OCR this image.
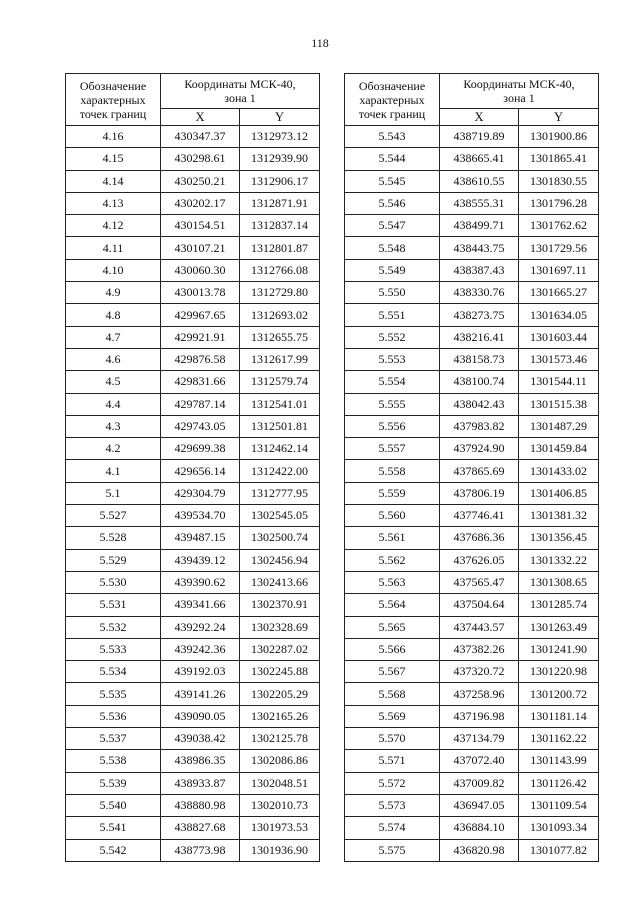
118
Обозначение
характерных
точек границ	Координаты МСК-40,
зона 1	
	X	Y
4.16	430347.37	1312973.12
4.15	430298.61	1312939.90
4.14	430250.21	1312906.17
4.13	430202.17	1312871.91
4.12	430154.51	1312837.14
4.11	430107.21	1312801.87
4.10	430060.30	1312766.08
4.9	430013.78	1312729.80
4.8	429967.65	1312693.02
4.7	429921.91	1312655.75
4.6	429876.58	1312617.99
4.5	429831.66	1312579.74
4.4	429787.14	1312541.01
4.3	429743.05	1312501.81
4.2	429699.38	1312462.14
4.1	429656.14	1312422.00
5.1	429304.79	1312777.95
5.527	439534.70	1302545.05
5.528	439487.15	1302500.74
5.529	439439.12	1302456.94
5.530	439390.62	1302413.66
5.531	439341.66	1302370.91
5.532	439292.24	1302328.69
5.533	439242.36	1302287.02
5.534	439192.03	1302245.88
5.535	439141.26	1302205.29
5.536	439090.05	1302165.26
5.537	439038.42	1302125.78
5.538	438986.35	1302086.86
5.539	438933.87	1302048.51
5.540	438880.98	1302010.73
5.541	438827.68	1301973.53
5.542	438773.98	1301936.90
Обозначение
характерных
точек границ	Координаты МСК-40,
зона 1	
	X	Y
5.543	438719.89	1301900.86
5.544	438665.41	1301865.41
5.545	438610.55	1301830.55
5.546	438555.31	1301796.28
5.547	438499.71	1301762.62
5.548	438443.75	1301729.56
5.549	438387.43	1301697.11
5.550	438330.76	1301665.27
5.551	438273.75	1301634.05
5.552	438216.41	1301603.44
5.553	438158.73	1301573.46
5.554	438100.74	1301544.11
5.555	438042.43	1301515.38
5.556	437983.82	1301487.29
5.557	437924.90	1301459.84
5.558	437865.69	1301433.02
5.559	437806.19	1301406.85
5.560	437746.41	1301381.32
5.561	437686.36	1301356.45
5.562	437626.05	1301332.22
5.563	437565.47	1301308.65
5.564	437504.64	1301285.74
5.565	437443.57	1301263.49
5.566	437382.26	1301241.90
5.567	437320.72	1301220.98
5.568	437258.96	1301200.72
5.569	437196.98	1301181.14
5.570	437134.79	1301162.22
5.571	437072.40	1301143.99
5.572	437009.82	1301126.42
5.573	436947.05	1301109.54
5.574	436884.10	1301093.34
5.575	436820.98	1301077.82
